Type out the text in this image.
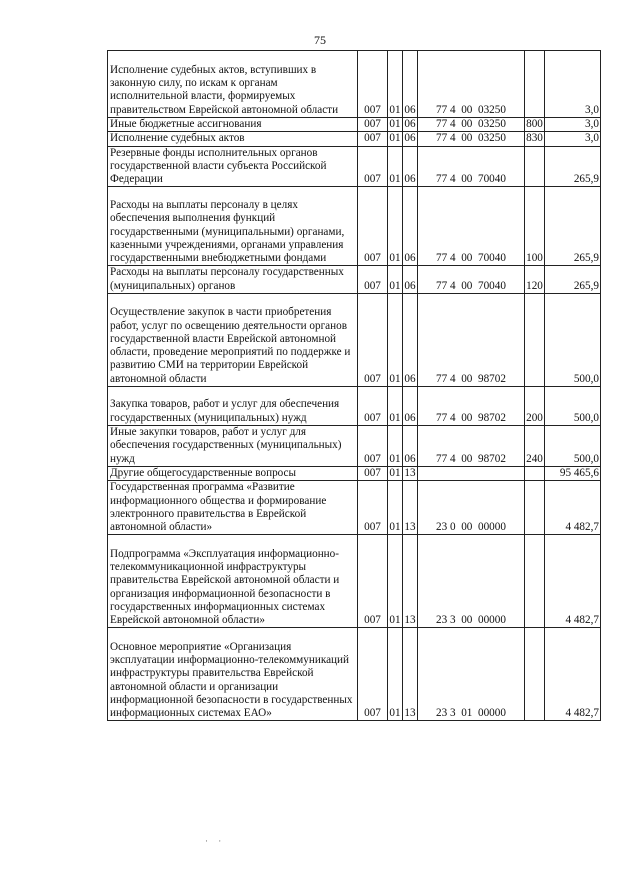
75
Исполнение судебных актов, вступивших в законную силу, по искам к органам исполнительной власти, формируемых правительством Еврейской автономной области	007	01	06	77 4  00  03250		3,0
Иные бюджетные ассигнования	007	01	06	77 4  00  03250	800	3,0
Исполнение судебных актов	007	01	06	77 4  00  03250	830	3,0
Резервные фонды исполнительных органов государственной власти субъекта Российской Федерации	007	01	06	77 4  00  70040		265,9
Расходы на выплаты персоналу в целях обеспечения выполнения функций государственными (муниципальными) органами, казенными учреждениями, органами управления государственными внебюджетными фондами	007	01	06	77 4  00  70040	100	265,9
Расходы на выплаты персоналу государственных (муниципальных) органов	007	01	06	77 4  00  70040	120	265,9
Осуществление закупок в части приобретения работ, услуг по освещению деятельности органов государственной власти Еврейской автономной области, проведение мероприятий по поддержке и развитию СМИ на территории Еврейской автономной области	007	01	06	77 4  00  98702		500,0
Закупка товаров, работ и услуг для обеспечения государственных (муниципальных) нужд	007	01	06	77 4  00  98702	200	500,0
Иные закупки товаров, работ и услуг для обеспечения государственных (муниципальных) нужд	007	01	06	77 4  00  98702	240	500,0
Другие общегосударственные вопросы	007	01	13			95 465,6
Государственная программа «Развитие информационного общества и формирование электронного правительства в Еврейской автономной области»	007	01	13	23 0  00  00000		4 482,7
Подпрограмма «Эксплуатация информационно-телекоммуникационной инфраструктуры правительства Еврейской автономной области и организация информационной безопасности в государственных информационных системах Еврейской автономной области»	007	01	13	23 3  00  00000		4 482,7
Основное мероприятие «Организация эксплуатации информационно-телекоммуникаций инфраструктуры правительства Еврейской автономной области и организации информационной безопасности в государственных информационных системах ЕАО»	007	01	13	23 3  01  00000		4 482,7
· ·
